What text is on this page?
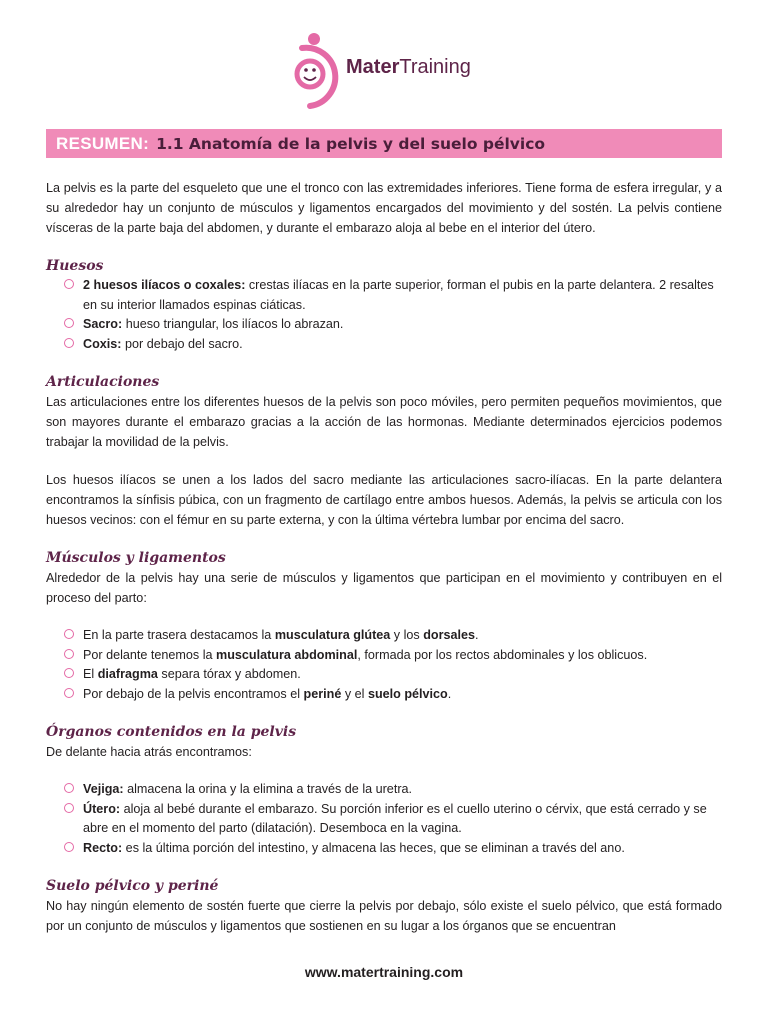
MaterTraining
RESUMEN: 1.1 Anatomía de la pelvis y del suelo pélvico

La pelvis es la parte del esqueleto que une el tronco con las extremidades inferiores. Tiene forma de esfera irregular, y a su alrededor hay un conjunto de músculos y ligamentos encargados del movimiento y del sostén. La pelvis contiene vísceras de la parte baja del abdomen, y durante el embarazo aloja al bebe en el interior del útero.

Huesos
2 huesos ilíacos o coxales: crestas ilíacas en la parte superior, forman el pubis en la parte delantera. 2 resaltes en su interior llamados espinas ciáticas.
Sacro: hueso triangular, los ilíacos lo abrazan.
Coxis: por debajo del sacro.
Articulaciones

Las articulaciones entre los diferentes huesos de la pelvis son poco móviles, pero permiten pequeños movimientos, que son mayores durante el embarazo gracias a la acción de las hormonas. Mediante determinados ejercicios podemos trabajar la movilidad de la pelvis.

Los huesos ilíacos se unen a los lados del sacro mediante las articulaciones sacro-ilíacas. En la parte delantera encontramos la sínfisis púbica, con un fragmento de cartílago entre ambos huesos. Además, la pelvis se articula con los huesos vecinos: con el fémur en su parte externa, y con la última vértebra lumbar por encima del sacro.

Músculos y ligamentos

Alrededor de la pelvis hay una serie de músculos y ligamentos que participan en el movimiento y contribuyen en el proceso del parto:

En la parte trasera destacamos la musculatura glútea y los dorsales.
Por delante tenemos la musculatura abdominal, formada por los rectos abdominales y los oblicuos.
El diafragma separa tórax y abdomen.
Por debajo de la pelvis encontramos el periné y el suelo pélvico.
Órganos contenidos en la pelvis

De delante hacia atrás encontramos:

Vejiga: almacena la orina y la elimina a través de la uretra.
Útero: aloja al bebé durante el embarazo. Su porción inferior es el cuello uterino o cérvix, que está cerrado y se abre en el momento del parto (dilatación). Desemboca en la vagina.
Recto: es la última porción del intestino, y almacena las heces, que se eliminan a través del ano.
Suelo pélvico y periné

No hay ningún elemento de sostén fuerte que cierre la pelvis por debajo, sólo existe el suelo pélvico, que está formado por un conjunto de músculos y ligamentos que sostienen en su lugar a los órganos que se encuentran

www.matertraining.com
